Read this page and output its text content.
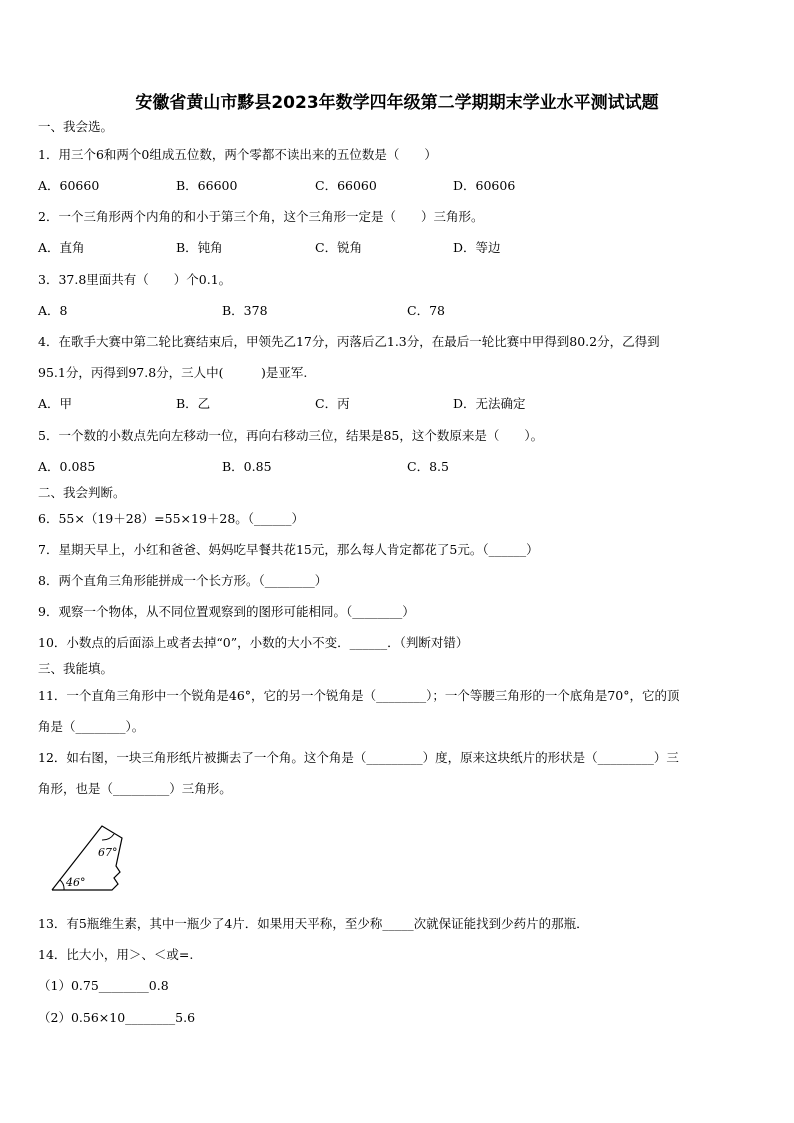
安徽省黄山市黟县2023年数学四年级第二学期期末学业水平测试试题
一、我会选。
1．用三个6和两个0组成五位数，两个零都不读出来的五位数是（　　）
A．60660	B．66600	C．66060	D．60606
2．一个三角形两个内角的和小于第三个角，这个三角形一定是（　　）三角形。
A．直角	B．钝角	C．锐角	D．等边
3．37.8里面共有（　　）个0.1。
A．8	B．378	C．78
4．在歌手大赛中第二轮比赛结束后，甲领先乙17分，丙落后乙1.3分，在最后一轮比赛中甲得到80.2分，乙得到
95.1分，丙得到97.8分，三人中(　　　)是亚军.
A．甲	B．乙	C．丙	D．无法确定
5．一个数的小数点先向左移动一位，再向右移动三位，结果是85，这个数原来是（　　）。
A．0.085	B．0.85	C．8.5
二、我会判断。
6．55×（19＋28）=55×19＋28。（______）
7．星期天早上，小红和爸爸、妈妈吃早餐共花15元，那么每人肯定都花了5元。（______）
8．两个直角三角形能拼成一个长方形。（________）
9．观察一个物体，从不同位置观察到的图形可能相同。（________）
10．小数点的后面添上或者去掉“0”，小数的大小不变．______．（判断对错）
三、我能填。
11．一个直角三角形中一个锐角是46°，它的另一个锐角是（________）；一个等腰三角形的一个底角是70°，它的顶
角是（________）。
12．如右图，一块三角形纸片被撕去了一个角。这个角是（_________）度，原来这块纸片的形状是（_________）三
角形，也是（_________）三角形。
67°
46°
13．有5瓶维生素，其中一瓶少了4片．如果用天平称，至少称_____次就保证能找到少药片的那瓶．
14．比大小，用＞、＜或=.
（1）0.75________0.8
（2）0.56×10________5.6
